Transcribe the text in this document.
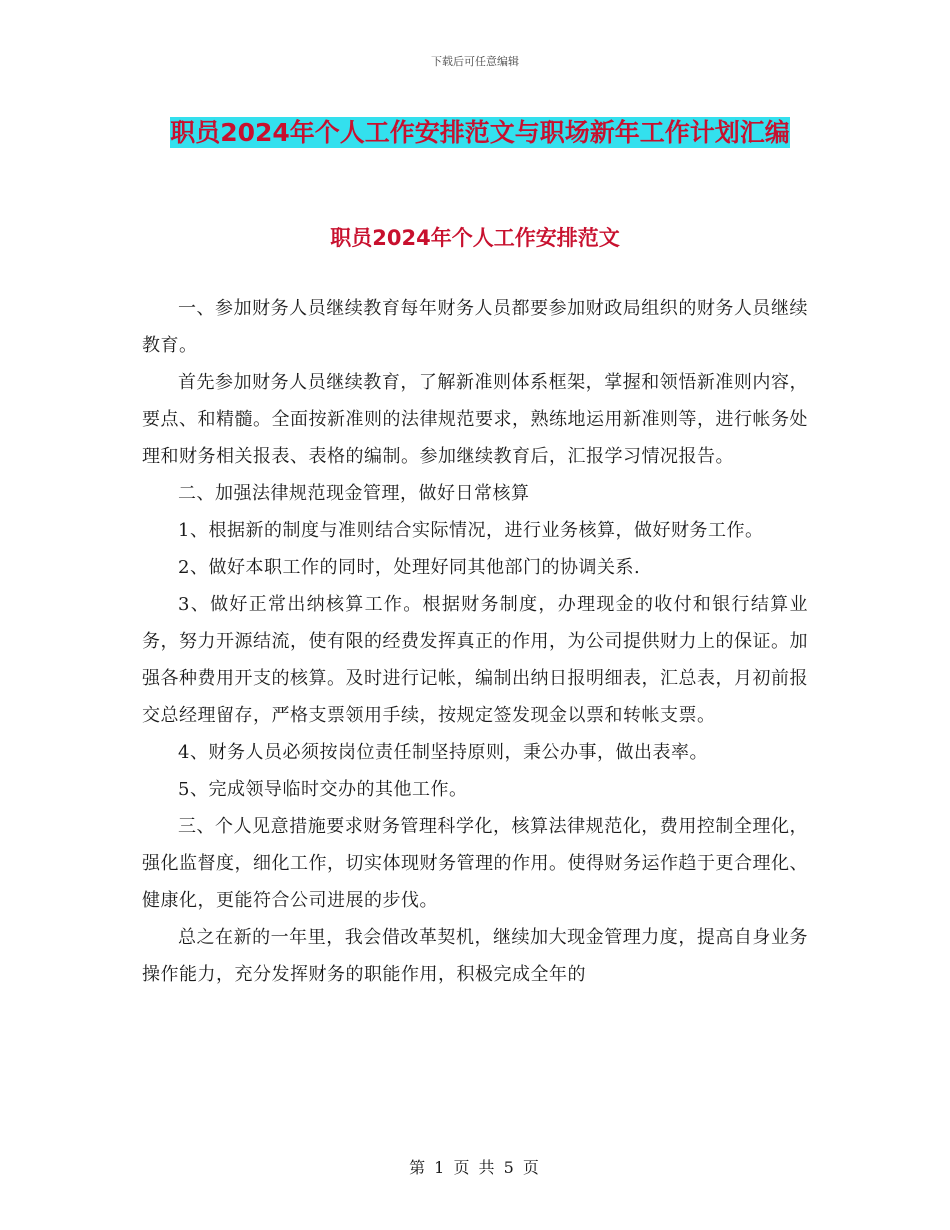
下载后可任意编辑
职员2024年个人工作安排范文与职场新年工作计划汇编
职员2024年个人工作安排范文

一、参加财务人员继续教育每年财务人员都要参加财政局组织的财务人员继续教育。

首先参加财务人员继续教育，了解新准则体系框架，掌握和领悟新准则内容，要点、和精髓。全面按新准则的法律规范要求，熟练地运用新准则等，进行帐务处理和财务相关报表、表格的编制。参加继续教育后，汇报学习情况报告。

二、加强法律规范现金管理，做好日常核算

1、根据新的制度与准则结合实际情况，进行业务核算，做好财务工作。

2、做好本职工作的同时，处理好同其他部门的协调关系.

3、做好正常出纳核算工作。根据财务制度，办理现金的收付和银行结算业务，努力开源结流，使有限的经费发挥真正的作用，为公司提供财力上的保证。加强各种费用开支的核算。及时进行记帐，编制出纳日报明细表，汇总表，月初前报交总经理留存，严格支票领用手续，按规定签发现金以票和转帐支票。

4、财务人员必须按岗位责任制坚持原则，秉公办事，做出表率。

5、完成领导临时交办的其他工作。

三、个人见意措施要求财务管理科学化，核算法律规范化，费用控制全理化，强化监督度，细化工作，切实体现财务管理的作用。使得财务运作趋于更合理化、健康化，更能符合公司进展的步伐。

总之在新的一年里，我会借改革契机，继续加大现金管理力度，提高自身业务操作能力，充分发挥财务的职能作用，积极完成全年的

第 1 页 共 5 页
